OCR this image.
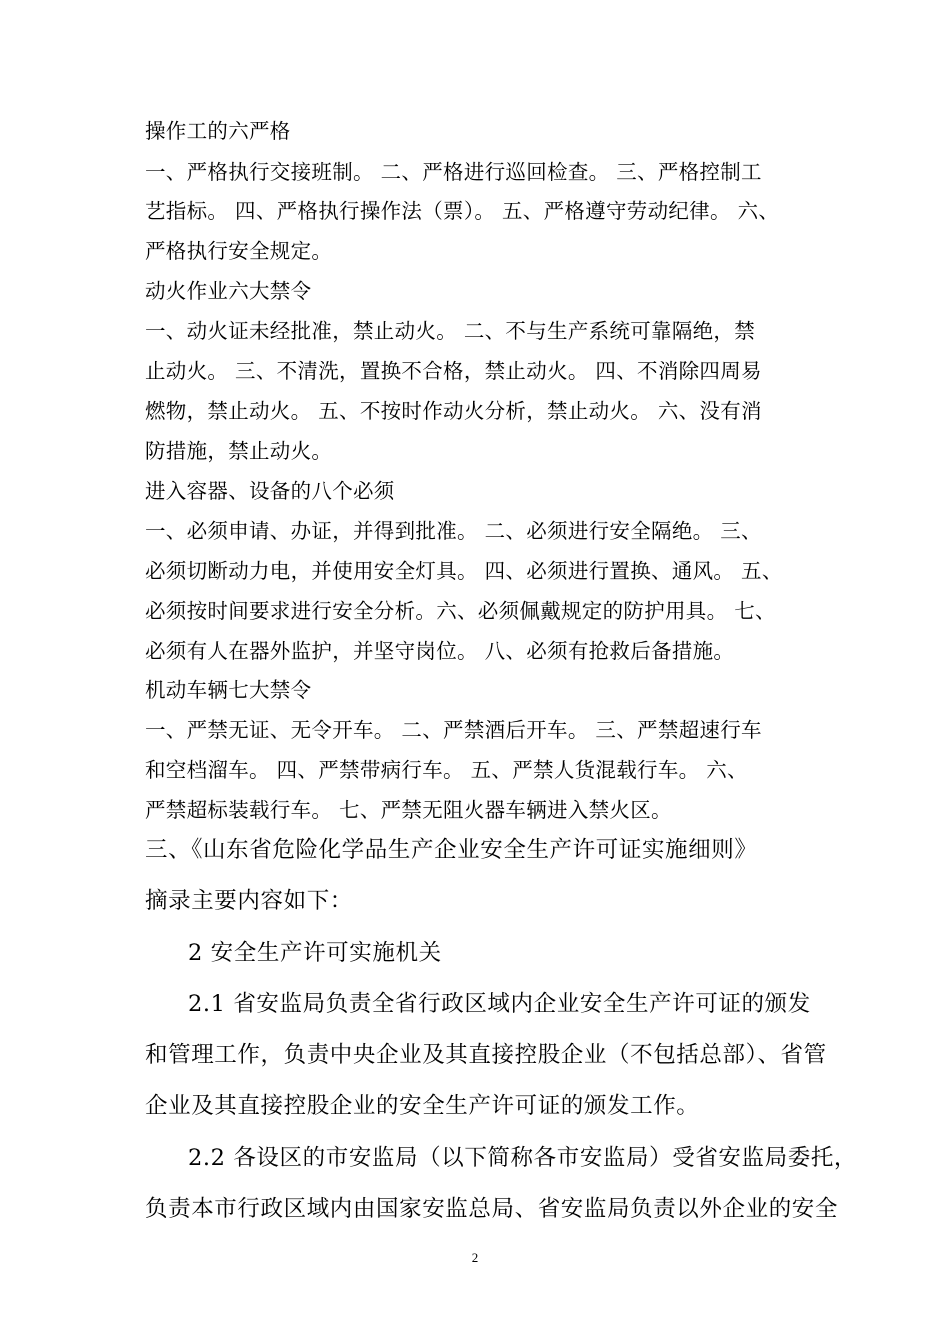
操作工的六严格
一、严格执行交接班制。 二、严格进行巡回检查。 三、严格控制工
艺指标。 四、严格执行操作法（票）。 五、严格遵守劳动纪律。 六、
严格执行安全规定。
动火作业六大禁令
一、动火证未经批准，禁止动火。 二、不与生产系统可靠隔绝，禁
止动火。 三、不清洗，置换不合格，禁止动火。 四、不消除四周易
燃物，禁止动火。 五、不按时作动火分析，禁止动火。 六、没有消
防措施，禁止动火。
进入容器、设备的八个必须
一、必须申请、办证，并得到批准。 二、必须进行安全隔绝。 三、
必须切断动力电，并使用安全灯具。 四、必须进行置换、通风。 五、
必须按时间要求进行安全分析。六、必须佩戴规定的防护用具。 七、
必须有人在器外监护，并坚守岗位。 八、必须有抢救后备措施。
机动车辆七大禁令
一、严禁无证、无令开车。 二、严禁酒后开车。 三、严禁超速行车
和空档溜车。 四、严禁带病行车。 五、严禁人货混载行车。 六、
严禁超标装载行车。 七、严禁无阻火器车辆进入禁火区。
三、《山东省危险化学品生产企业安全生产许可证实施细则》
摘录主要内容如下：
2 安全生产许可实施机关
2.1 省安监局负责全省行政区域内企业安全生产许可证的颁发
和管理工作，负责中央企业及其直接控股企业（不包括总部）、省管
企业及其直接控股企业的安全生产许可证的颁发工作。
2.2 各设区的市安监局（以下简称各市安监局）受省安监局委托，
负责本市行政区域内由国家安监总局、省安监局负责以外企业的安全
2
